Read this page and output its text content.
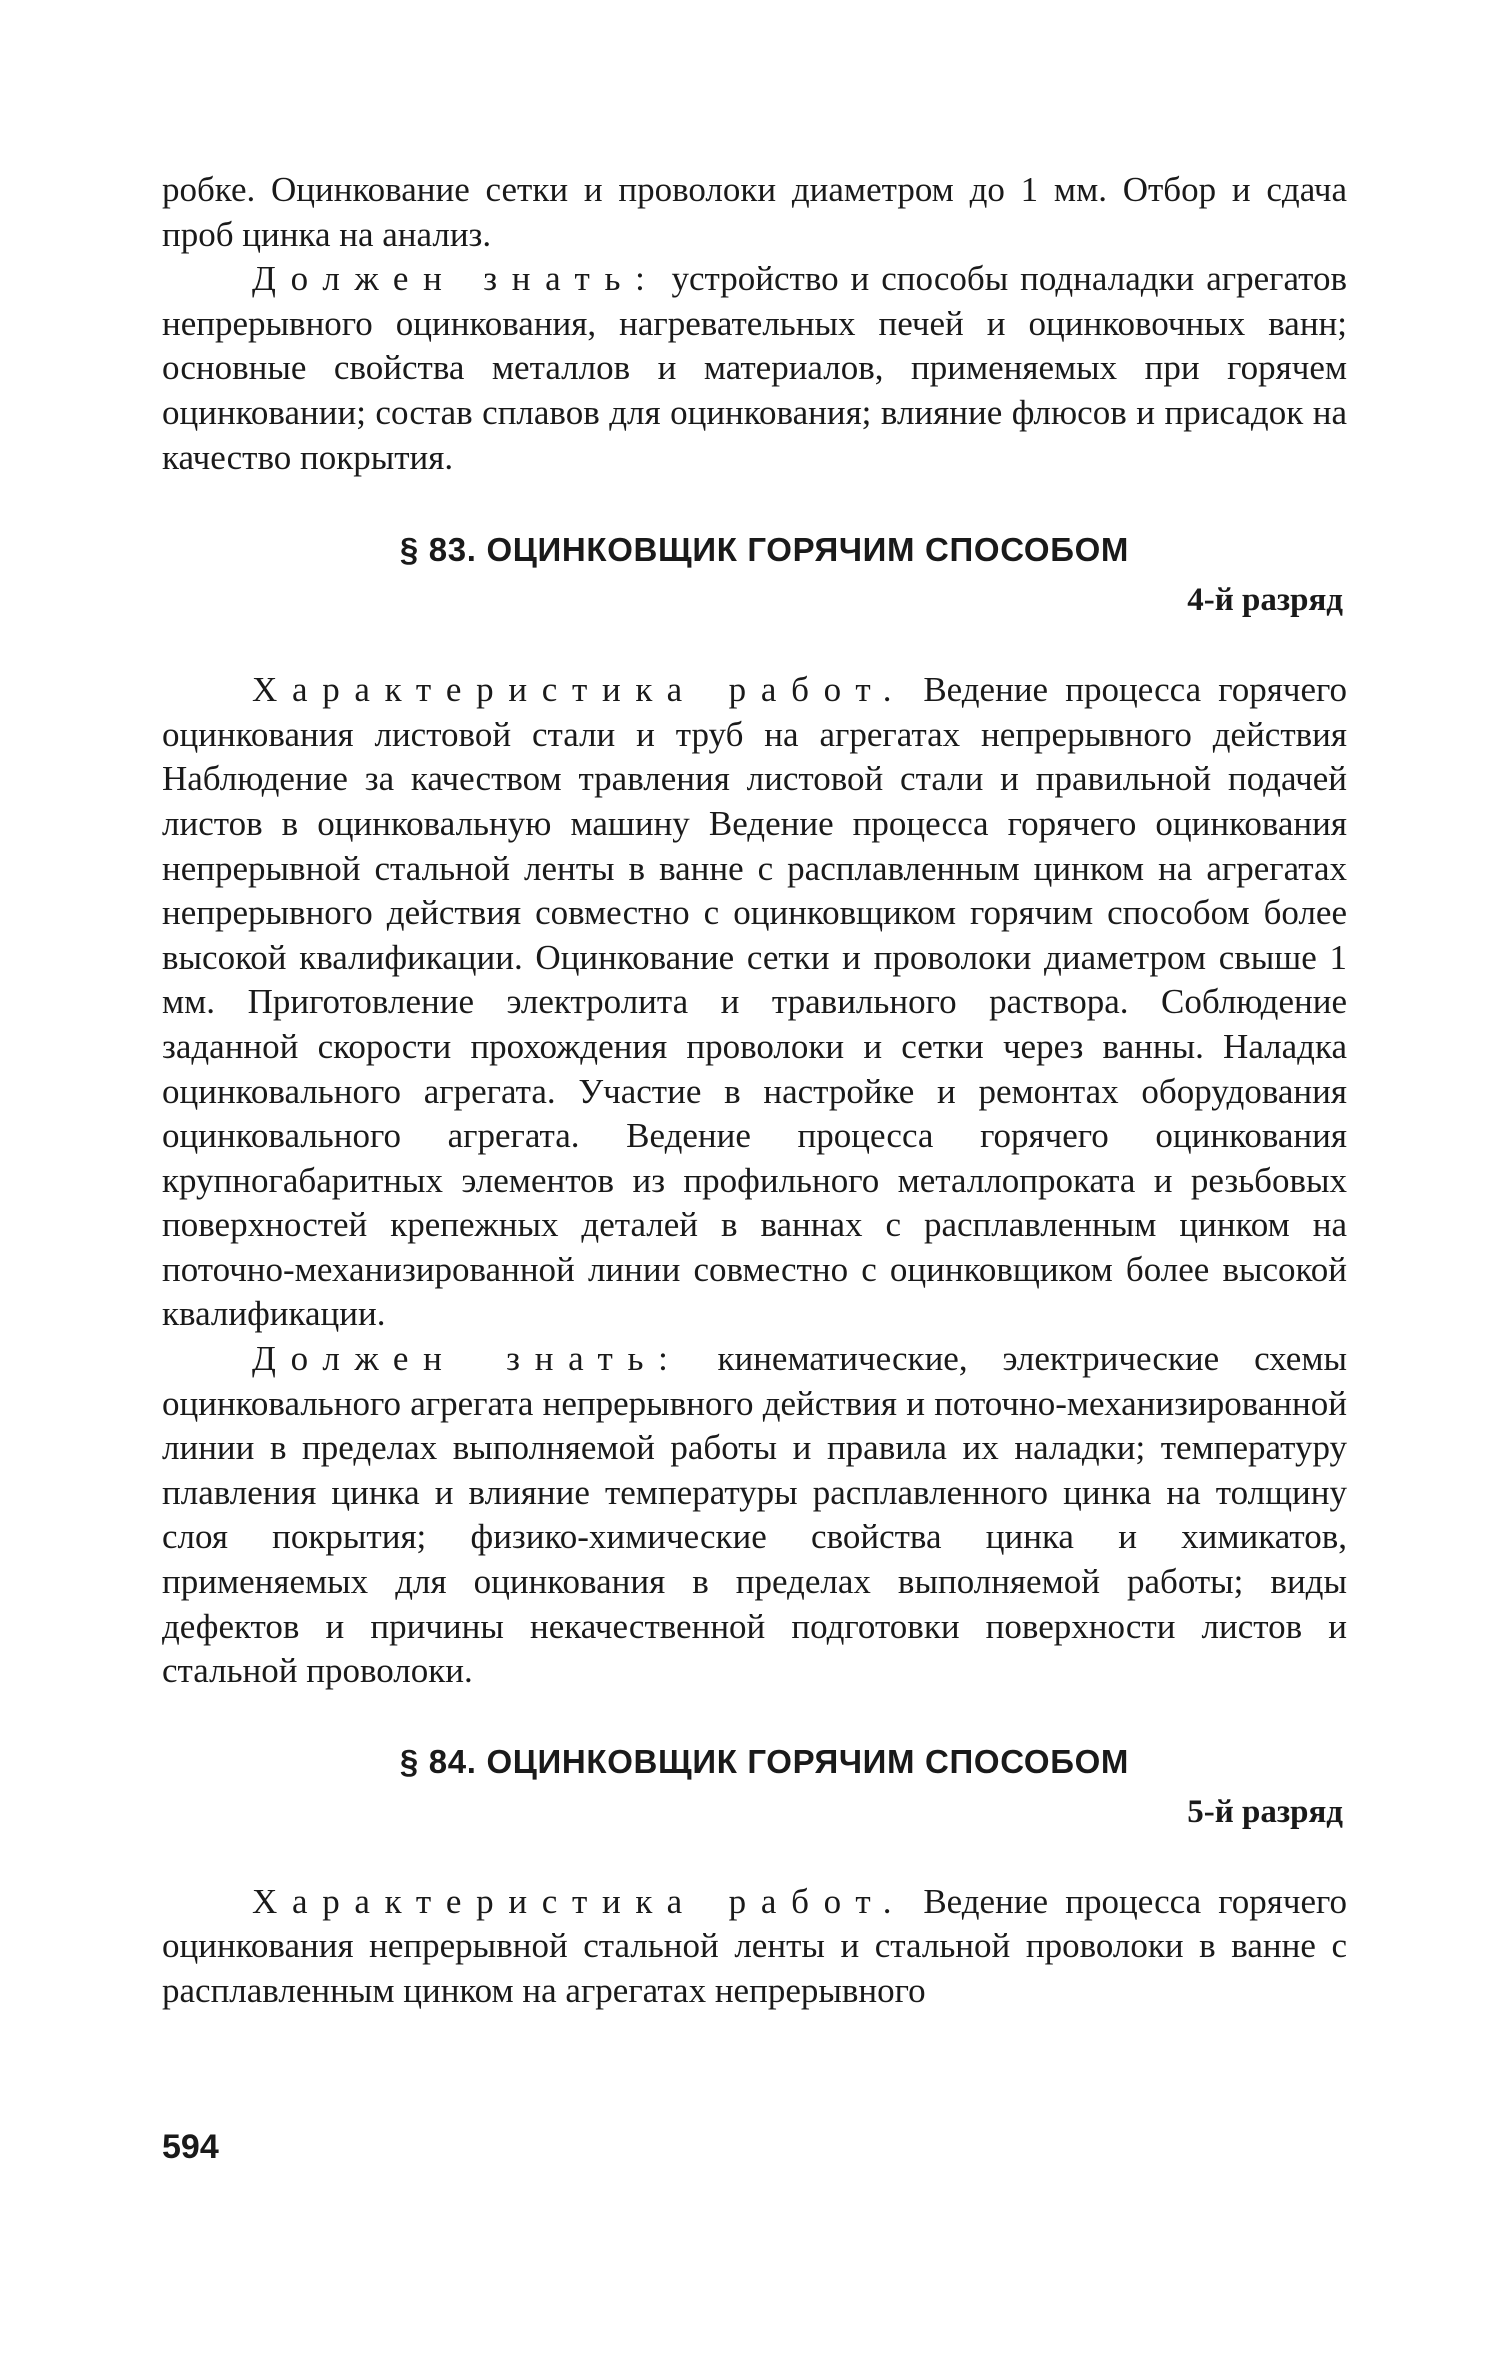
робке. Оцинкование сетки и проволоки диаметром до 1 мм. Отбор и сдача проб цинка на анализ.

Должен знать: устройство и способы подналадки агрегатов непрерывного оцинкования, нагревательных печей и оцинковочных ванн; основные свойства металлов и материалов, применяемых при горячем оцинковании; состав сплавов для оцинкования; влияние флюсов и присадок на качество покрытия.

§ 83. ОЦИНКОВЩИК ГОРЯЧИМ СПОСОБОМ
4-й разряд

Характеристика работ. Ведение процесса горячего оцинкования листовой стали и труб на агрегатах непрерывного действия Наблюдение за качеством травления листовой стали и правильной подачей листов в оцинковальную машину Ведение процесса горячего оцинкования непрерывной стальной ленты в ванне с расплавленным цинком на агрегатах непрерывного действия совместно с оцинковщиком горячим способом более высокой квалификации. Оцинкование сетки и проволоки диаметром свыше 1 мм. Приготовление электролита и травильного раствора. Соблюдение заданной скорости прохождения проволоки и сетки через ванны. Наладка оцинковального агрегата. Участие в настройке и ремонтах оборудования оцинковального агрегата. Ведение процесса горячего оцинкования крупногабаритных элементов из профильного металлопроката и резьбовых поверхностей крепежных деталей в ваннах с расплавленным цинком на поточно-механизированной линии совместно с оцинковщиком более высокой квалификации.

Должен знать: кинематические, электрические схемы оцинковального агрегата непрерывного действия и поточно-механизированной линии в пределах выполняемой работы и правила их наладки; температуру плавления цинка и влияние температуры расплавленного цинка на толщину слоя покрытия; физико-химические свойства цинка и химикатов, применяемых для оцинкования в пределах выполняемой работы; виды дефектов и причины некачественной подготовки поверхности листов и стальной проволоки.

§ 84. ОЦИНКОВЩИК ГОРЯЧИМ СПОСОБОМ
5-й разряд

Характеристика работ. Ведение процесса горячего оцинкования непрерывной стальной ленты и стальной проволоки в ванне с расплавленным цинком на агрегатах непрерывного

594
